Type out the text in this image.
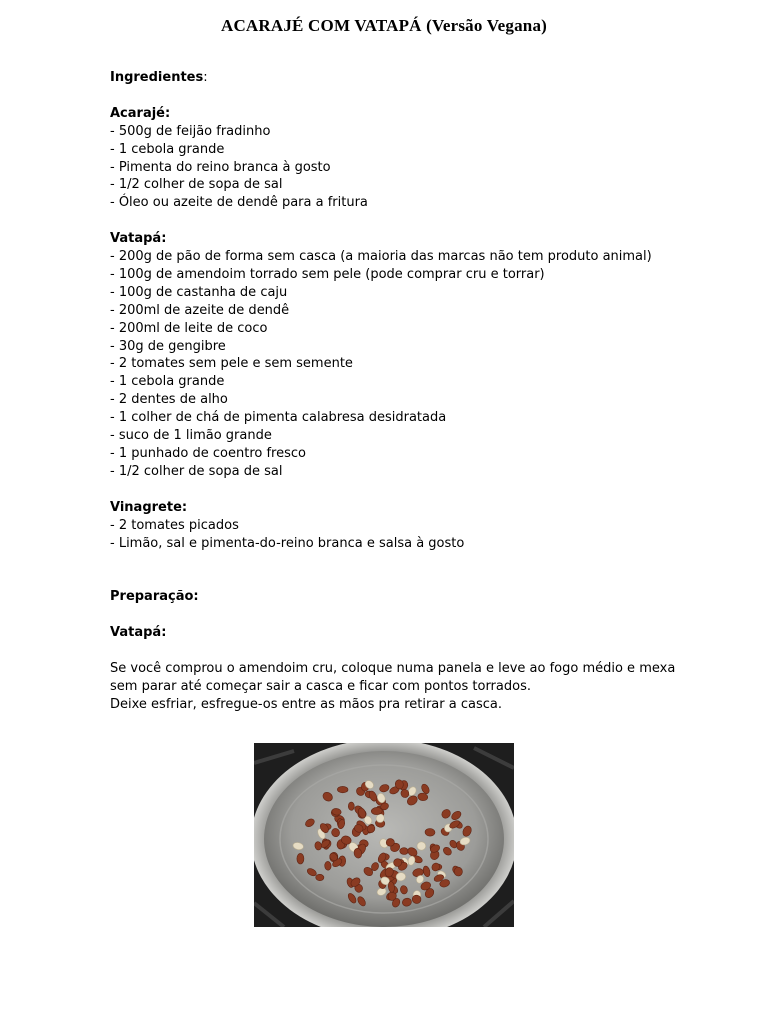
ACARAJÉ COM VATAPÁ (Versão Vegana)

Ingredientes:

Acarajé:

- 500g de feijão fradinho
- 1 cebola grande
- Pimenta do reino branca à gosto
- 1/2 colher de sopa de sal
- Óleo ou azeite de dendê para a fritura

Vatapá:

- 200g de pão de forma sem casca (a maioria das marcas não tem produto animal)
- 100g de amendoim torrado sem pele (pode comprar cru e torrar)
- 100g de castanha de caju
- 200ml de azeite de dendê
- 200ml de leite de coco
- 30g de gengibre
- 2 tomates sem pele e sem semente
- 1 cebola grande
- 2 dentes de alho
- 1 colher de chá de pimenta calabresa desidratada
- suco de 1 limão grande
- 1 punhado de coentro fresco
- 1/2 colher de sopa de sal

Vinagrete:

- 2 tomates picados
- Limão, sal e pimenta-do-reino branca e salsa à gosto

Preparação:

Vatapá:

Se você comprou o amendoim cru, coloque numa panela e leve ao fogo médio e mexa

sem parar até começar sair a casca e ficar com pontos torrados.

Deixe esfriar, esfregue-os entre as mãos pra retirar a casca.
